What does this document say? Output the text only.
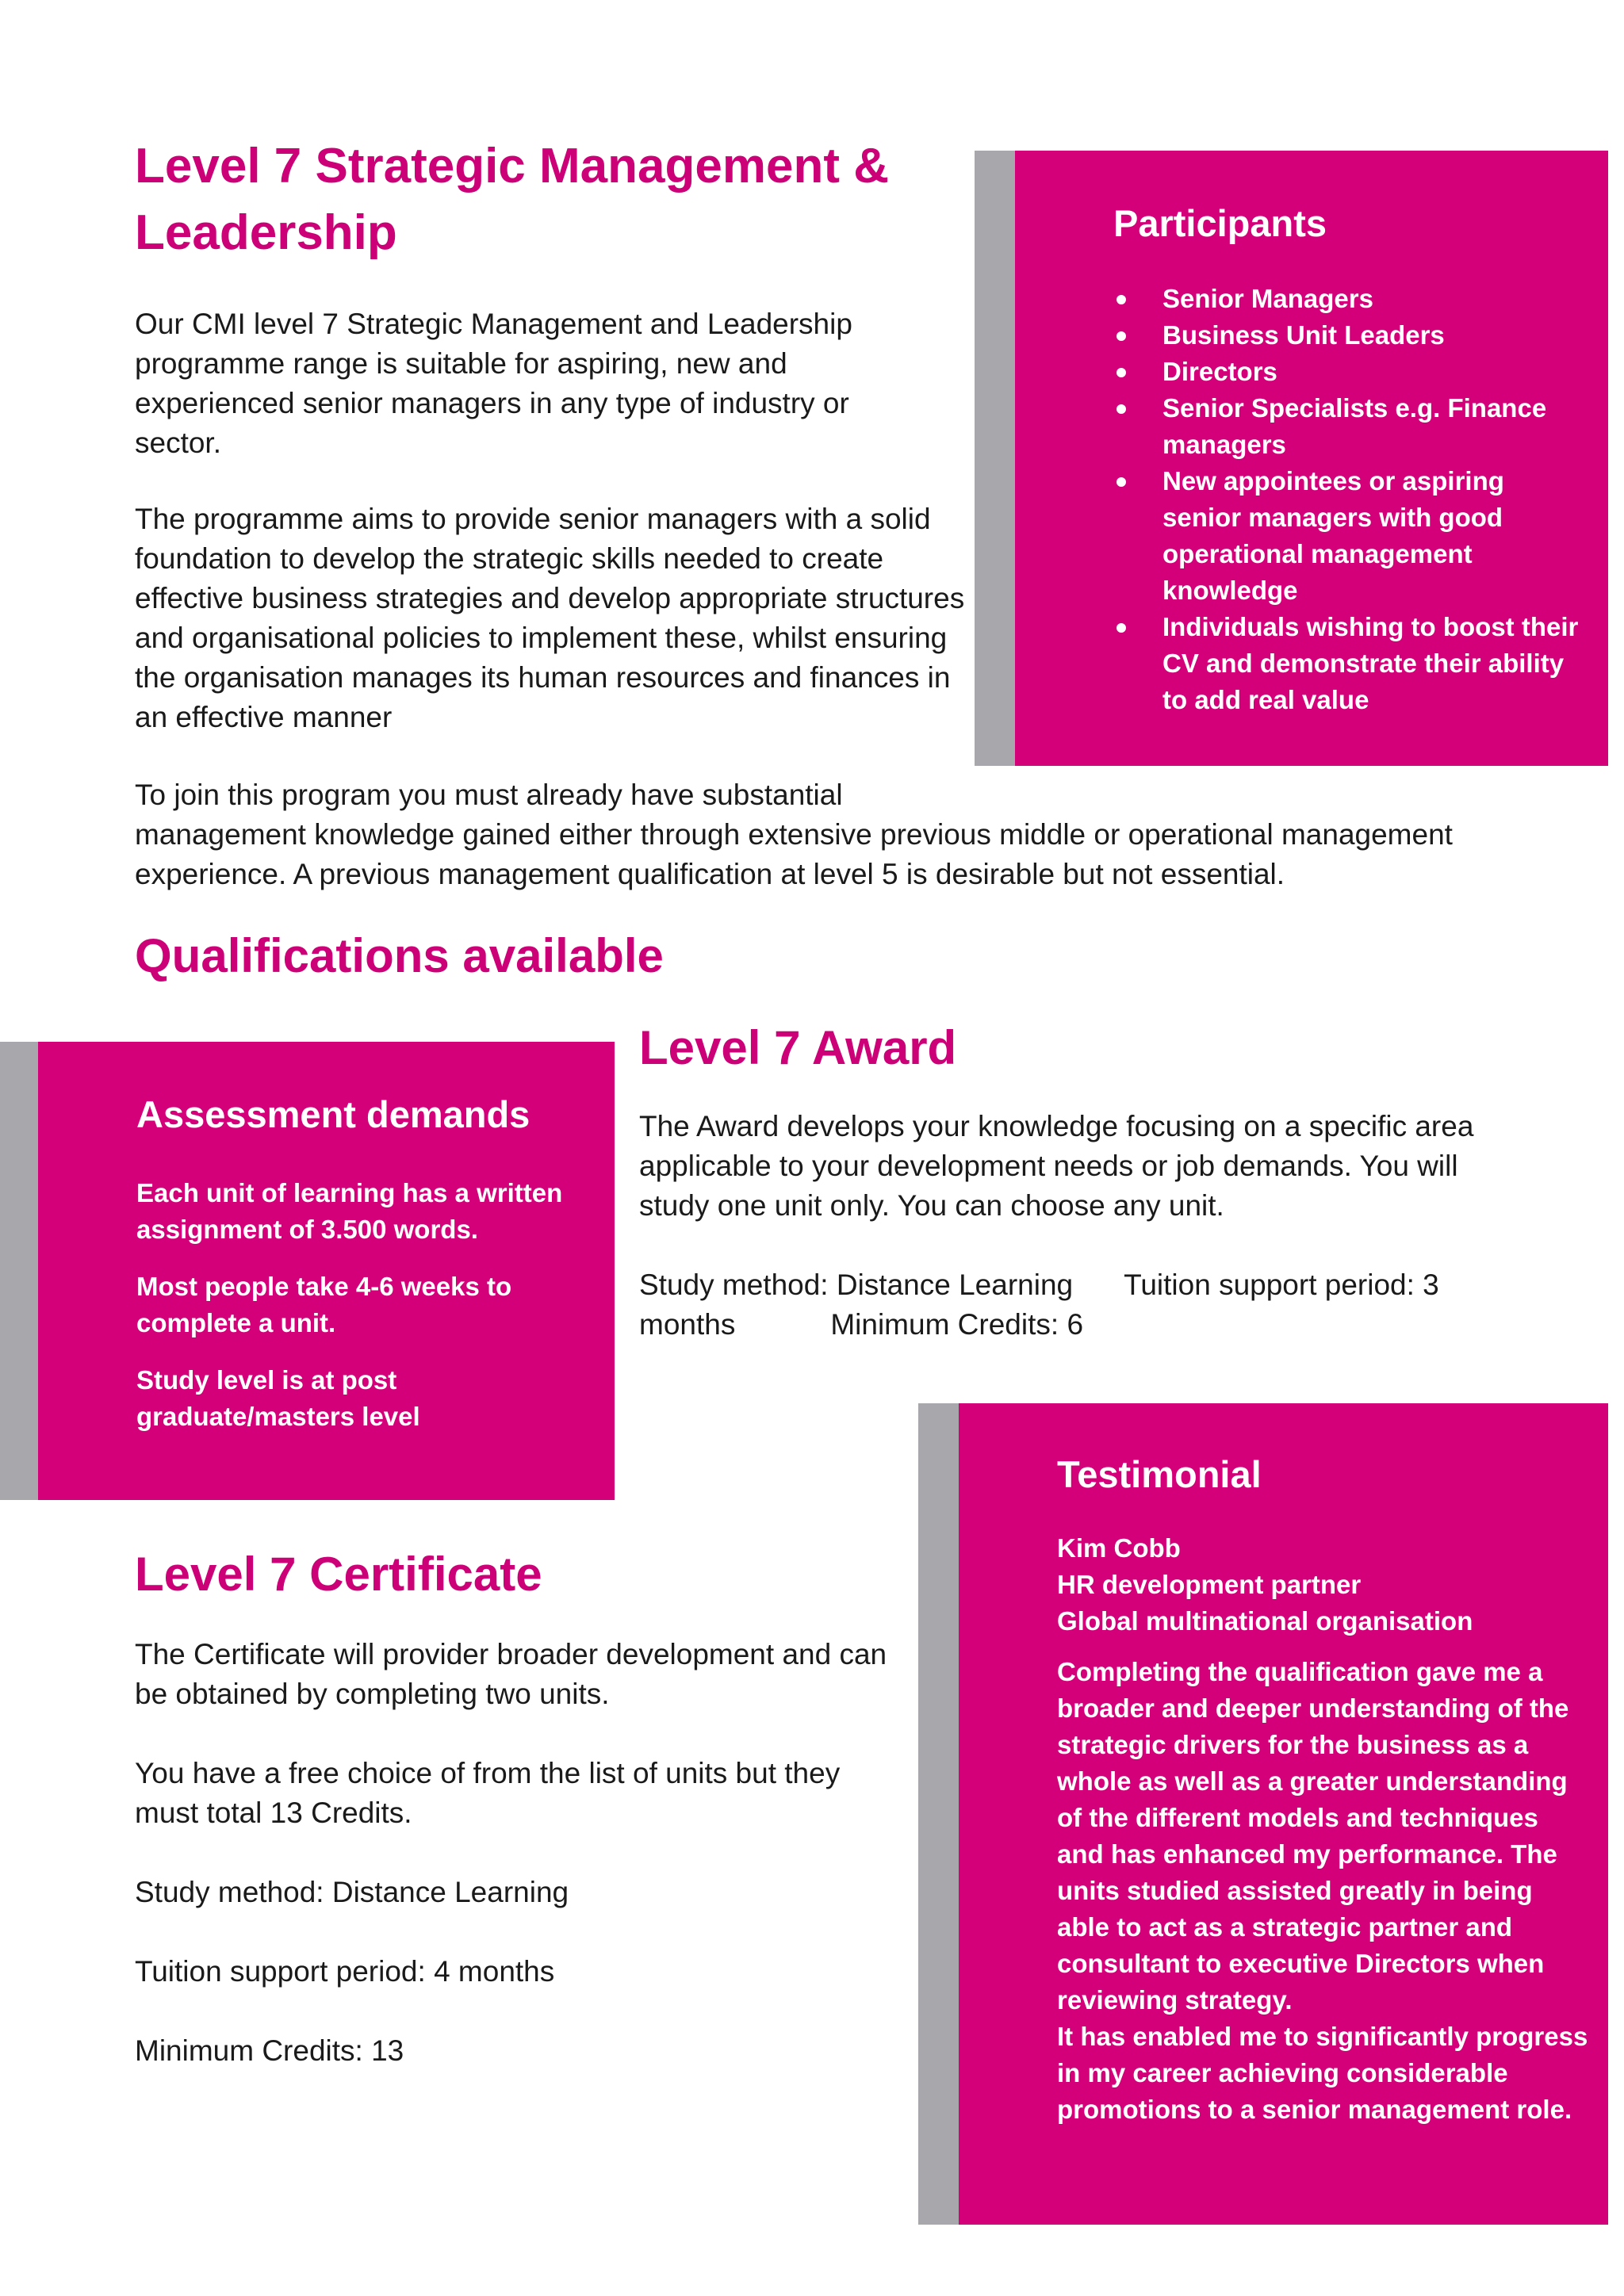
Level 7 Strategic Management &
Leadership

Our CMI level 7 Strategic Management and Leadership programme range is suitable for aspiring, new and experienced senior managers in any type of industry or sector.

The programme aims to provide senior managers with a solid foundation to develop the strategic skills needed to create effective business strategies and develop appropriate structures and organisational policies to implement these, whilst ensuring the organisation manages its human resources and finances in an effective manner

To join this program you must already have substantial
management knowledge gained either through extensive previous middle or operational management
experience. A previous management qualification at level 5 is desirable but not essential.

Qualifications available
Participants
Senior Managers
Business Unit Leaders
Directors
Senior Specialists e.g. Finance managers
New appointees or aspiring senior managers with good operational management knowledge
Individuals wishing to boost their CV and demonstrate their ability to add real value
Assessment demands
Each unit of learning has a written assignment of 3.500 words.
Most people take 4-6 weeks to complete a unit.
Study level is at post graduate/masters level
Level 7 Award

The Award develops your knowledge focusing on a specific area applicable to your development needs or job demands. You will study one unit only. You can choose any unit.

Study method: Distance Learning Tuition support period: 3
months	Minimum Credits: 6

Level 7 Certificate
The Certificate will provider broader development and can be obtained by completing two units.
You have a free choice of from the list of units but they must total 13 Credits.
Study method: Distance Learning
Tuition support period: 4 months
Minimum Credits: 13
Testimonial
Kim Cobb
HR development partner
Global multinational organisation
Completing the qualification gave me a broader and deeper understanding of the strategic drivers for the business as a whole as well as a greater understanding of the different models and techniques and has enhanced my performance. The units studied assisted greatly in being able to act as a strategic partner and consultant to executive Directors when reviewing strategy.
It has enabled me to significantly progress in my career achieving considerable promotions to a senior management role.
